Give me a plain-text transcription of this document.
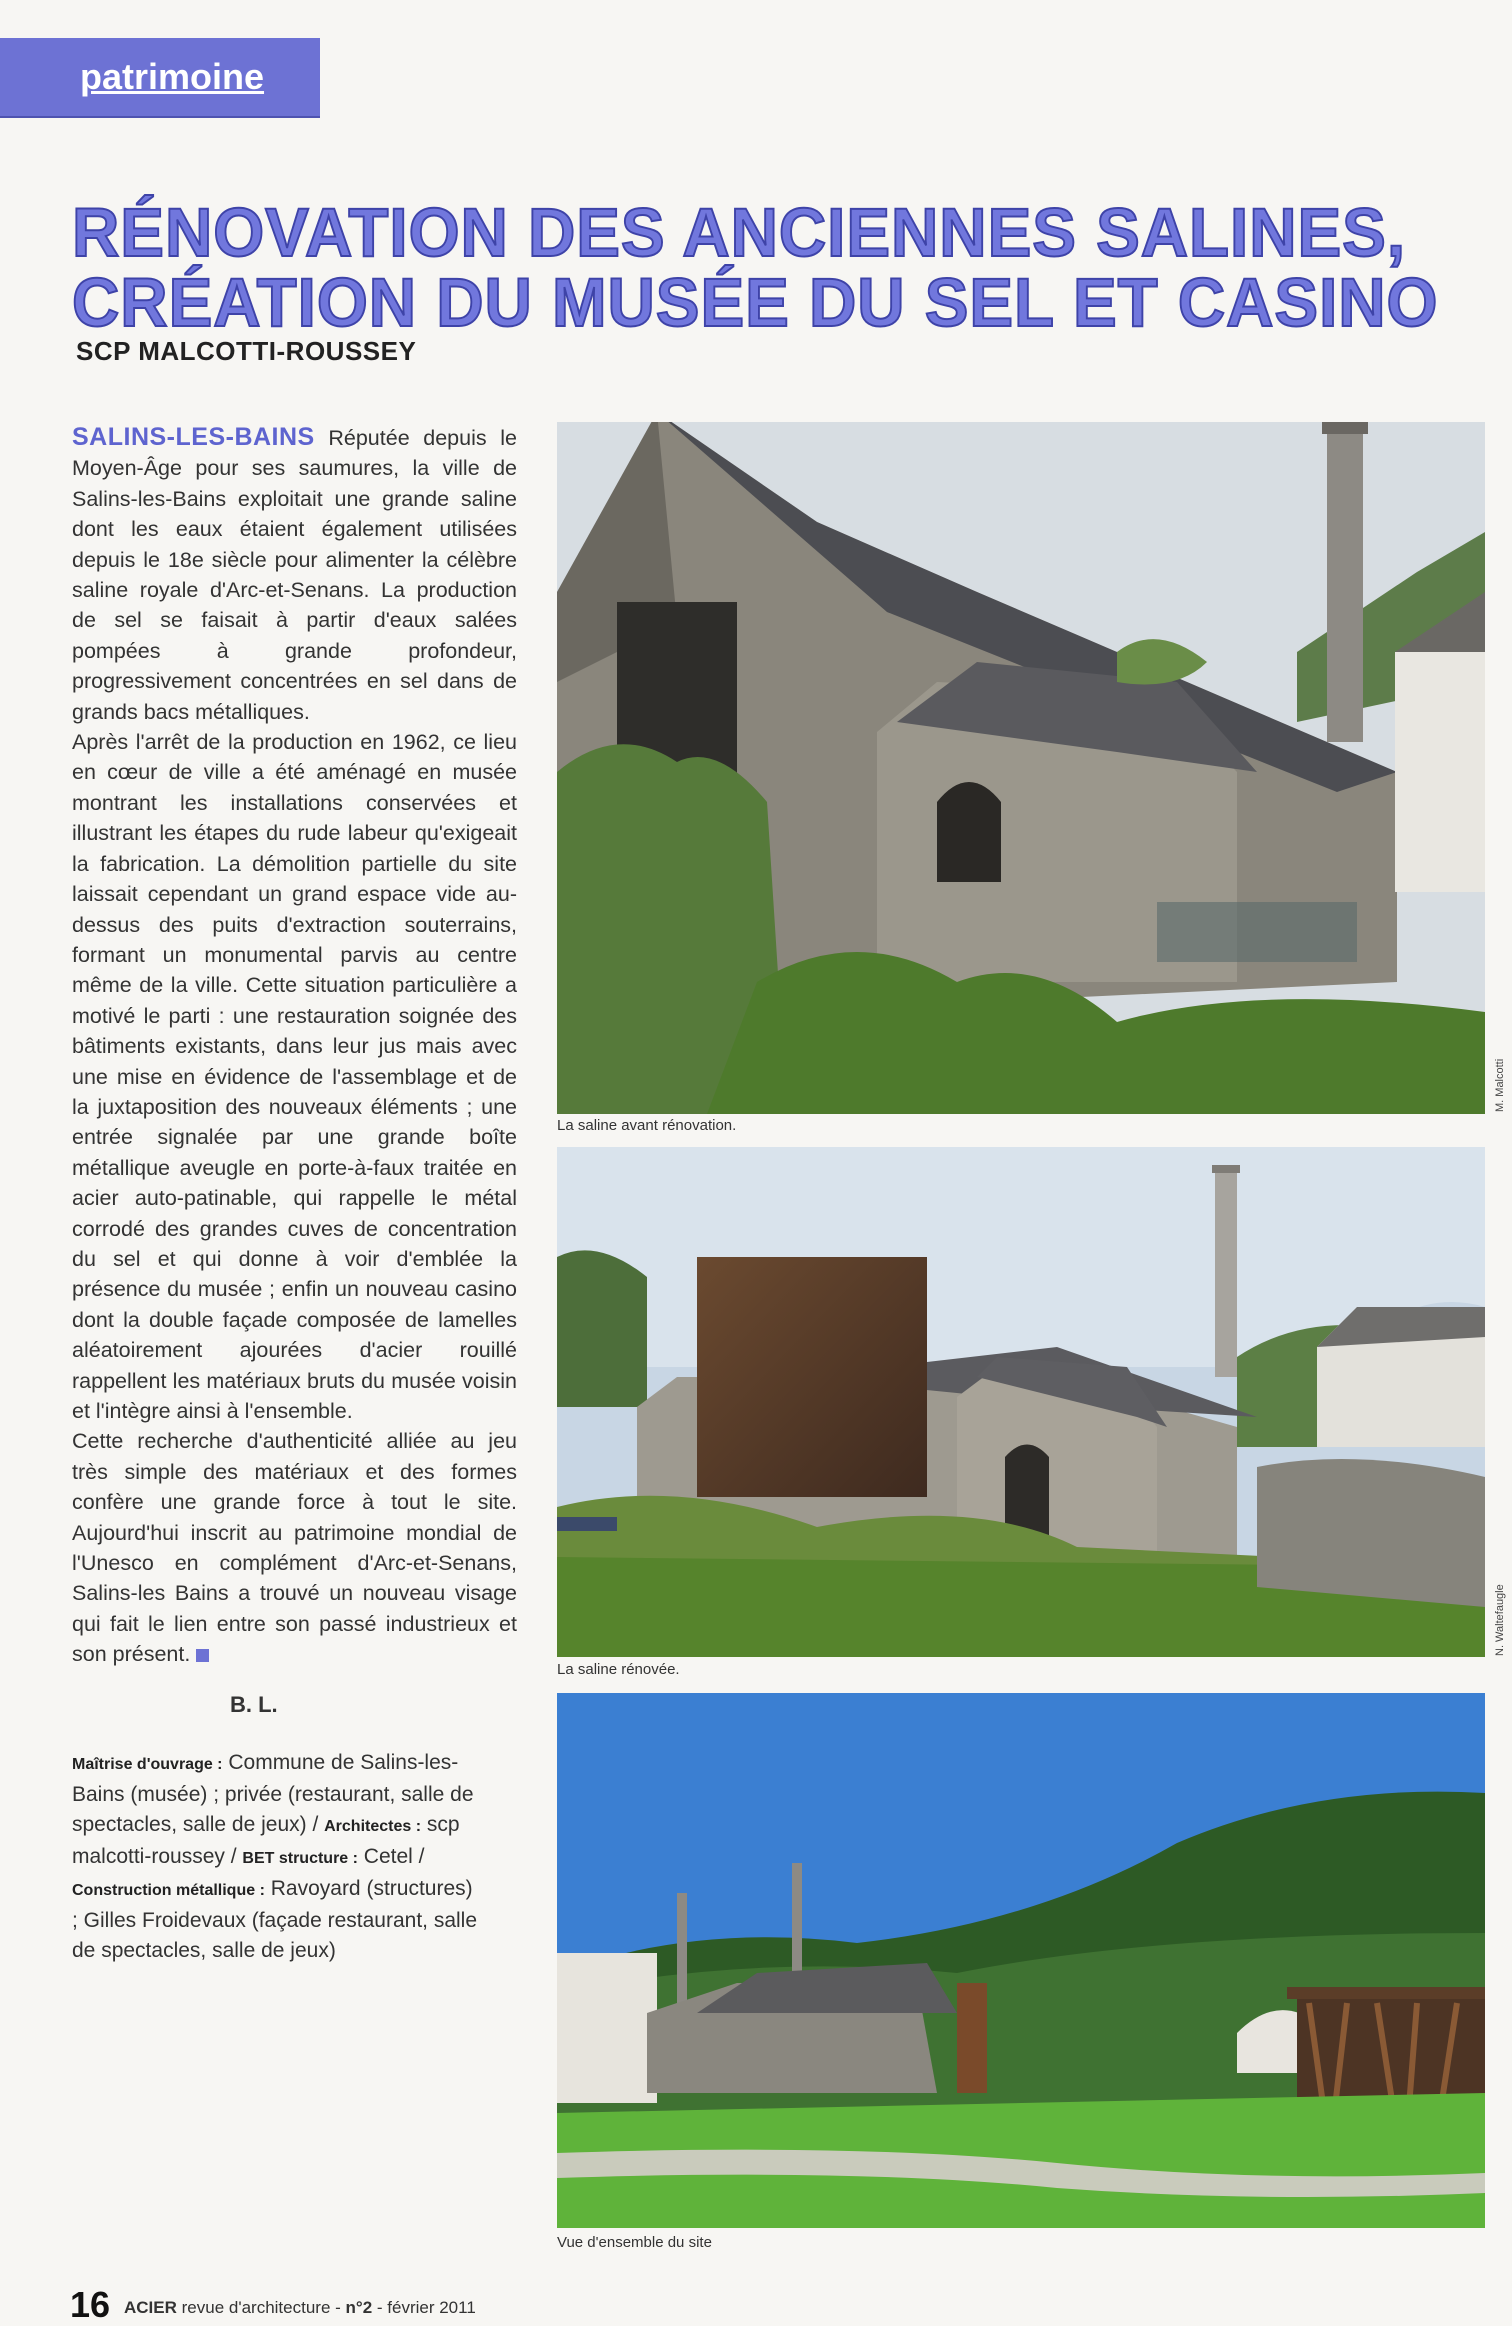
patrimoine
RÉNOVATION DES ANCIENNES SALINES,
CRÉATION DU MUSÉE DU SEL ET CASINO
SCP MALCOTTI-ROUSSEY

SALINS-LES-BAINS Réputée depuis le Moyen-Âge pour ses saumures, la ville de Salins-les-Bains exploitait une grande saline dont les eaux étaient également utilisées depuis le 18e siècle pour alimenter la célèbre saline royale d'Arc-et-Senans. La production de sel se faisait à partir d'eaux salées pompées à grande profondeur, progressivement concentrées en sel dans de grands bacs métalliques.

Après l'arrêt de la production en 1962, ce lieu en cœur de ville a été aménagé en musée montrant les installations conservées et illustrant les étapes du rude labeur qu'exigeait la fabrication. La démolition partielle du site laissait cependant un grand espace vide au-dessus des puits d'extraction souterrains, formant un monumental parvis au centre même de la ville. Cette situation particulière a motivé le parti : une restauration soignée des bâtiments existants, dans leur jus mais avec une mise en évidence de l'assemblage et de la juxtaposition des nouveaux éléments ; une entrée signalée par une grande boîte métallique aveugle en porte-à-faux traitée en acier auto-patinable, qui rappelle le métal corrodé des grandes cuves de concentration du sel et qui donne à voir d'emblée la présence du musée ; enfin un nouveau casino dont la double façade composée de lamelles aléatoirement ajourées d'acier rouillé rappellent les matériaux bruts du musée voisin et l'intègre ainsi à l'ensemble.

Cette recherche d'authenticité alliée au jeu très simple des matériaux et des formes confère une grande force à tout le site. Aujourd'hui inscrit au patrimoine mondial de l'Unesco en complément d'Arc-et-Senans, Salins-les Bains a trouvé un nouveau visage qui fait le lien entre son passé industrieux et son présent.

B. L.
Maîtrise d'ouvrage : Commune de Salins-les-Bains (musée) ; privée (restaurant, salle de spectacles, salle de jeux) / Architectes : scp malcotti-roussey / BET structure : Cetel / Construction métallique : Ravoyard (structures) ; Gilles Froidevaux (façade restaurant, salle de spectacles, salle de jeux)
La saline avant rénovation.
M. Malcotti
La saline rénovée.
N. Waltefaugle
Vue d'ensemble du site
16 ACIER revue d'architecture - n°2 - février 2011
